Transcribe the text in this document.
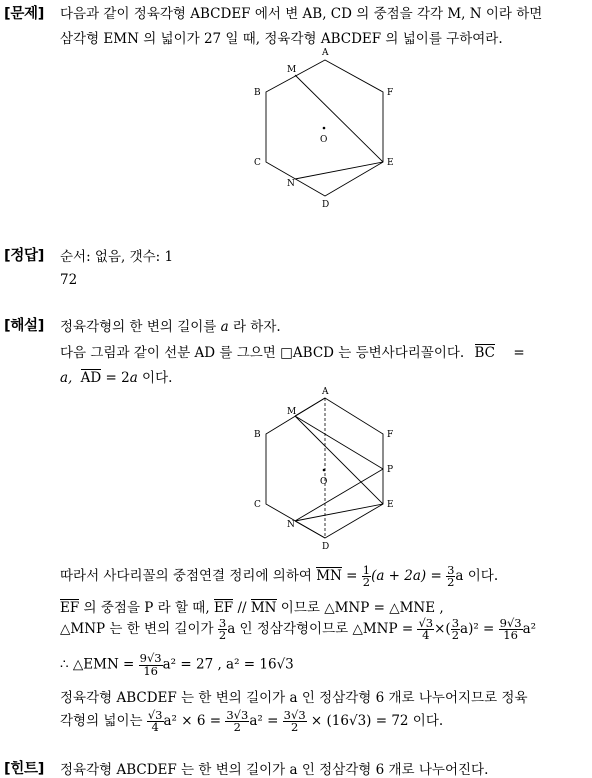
[문제] 다음과 같이 정육각형 ABCDEF 에서 변 AB, CD 의 중점을 각각 M, N 이라 하면
삼각형 EMN 의 넓이가 27 일 때, 정육각형 ABCDEF 의 넓이를 구하여라.
A
B
C
D
E
F
M
N
O
[정답] 순서: 없음, 갯수: 1
72
[해설] 정육각형의 한 변의 길이를 a 라 하자.
다음 그림과 같이 선분 AD 를 그으면 □ABCD 는 등변사다리꼴이다. BC =
a, AD = 2a 이다.
A
B
C
D
E
F
M
N
O
P
따라서 사다리꼴의 중점연결 정리에 의하여 MN = $\frac{1}{2} (a + 2a) = \frac{3}{2}$ a 이다.
EF 의 중점을 P 라 할 때, EF // MN 이므로 △MNP = △MNE ,
△MNP 는 한 변의 길이가 $\frac{3}{2}$ a 인 정삼각형이므로 △MNP = $\frac{√3}{4}$ ×( $\frac{3}{2} a)^2 = \frac{9√3}{16} a^2$
∴ △EMN = $\frac{9√3}{16} a^2 = 27$ , a² = 16√3
정육각형 ABCDEF 는 한 변의 길이가 a 인 정삼각형 6 개로 나누어지므로 정육
각형의 넓이는 $\frac{√3}{4} a^2 \times 6 = \frac{3√3}{2} a^2 = \frac{3√3}{2} \times (16√3) = 72$ 이다.
[힌트] 정육각형 ABCDEF 는 한 변의 길이가 a 인 정삼각형 6 개로 나누어진다.
